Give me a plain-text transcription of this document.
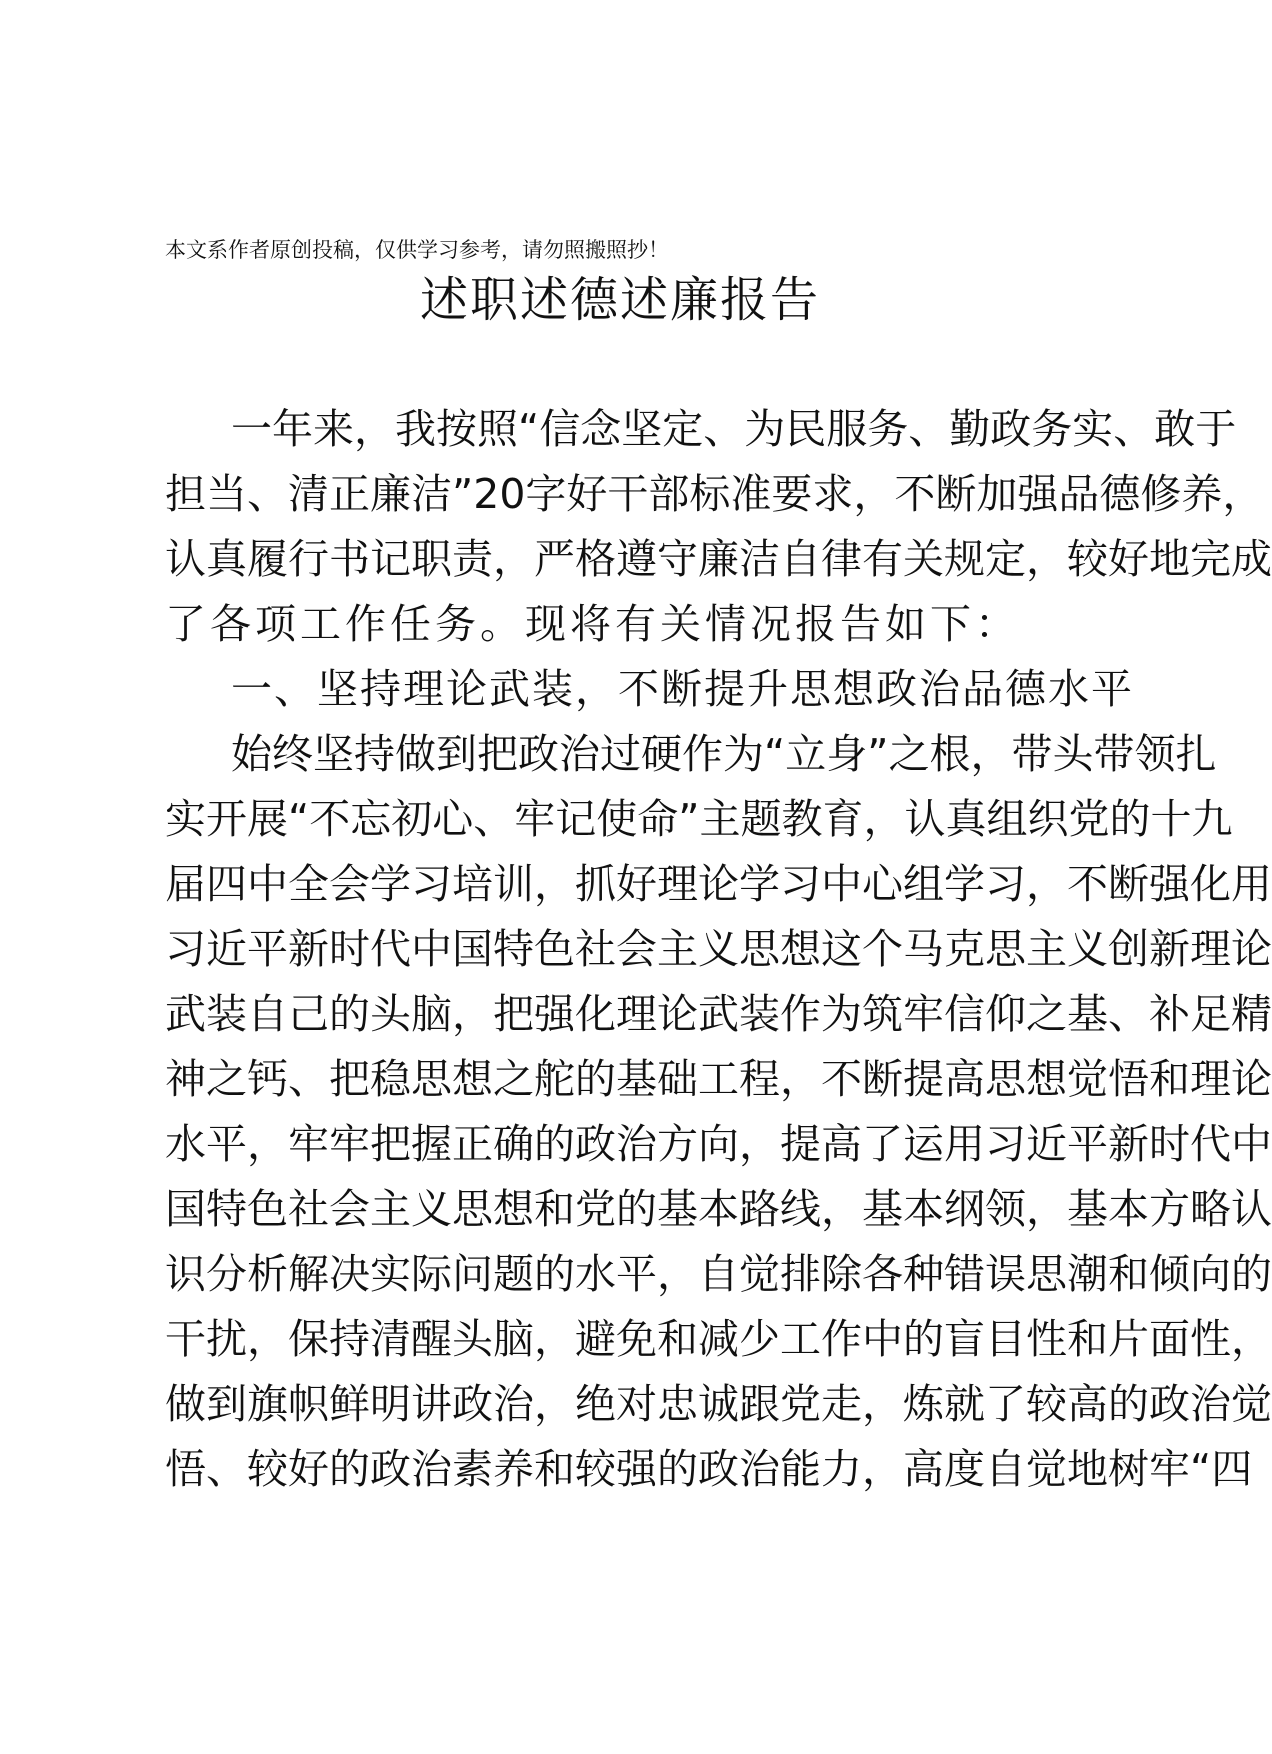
本文系作者原创投稿，仅供学习参考，请勿照搬照抄！
述职述德述廉报告
一年来，我按照“信念坚定、为民服务、勤政务实、敢于
担当、清正廉洁”20字好干部标准要求，不断加强品德修养，
认真履行书记职责，严格遵守廉洁自律有关规定，较好地完成
了各项工作任务。现将有关情况报告如下：
一、坚持理论武装，不断提升思想政治品德水平
始终坚持做到把政治过硬作为“立身”之根，带头带领扎
实开展“不忘初心、牢记使命”主题教育，认真组织党的十九
届四中全会学习培训，抓好理论学习中心组学习，不断强化用
习近平新时代中国特色社会主义思想这个马克思主义创新理论
武装自己的头脑，把强化理论武装作为筑牢信仰之基、补足精
神之钙、把稳思想之舵的基础工程，不断提高思想觉悟和理论
水平，牢牢把握正确的政治方向，提高了运用习近平新时代中
国特色社会主义思想和党的基本路线，基本纲领，基本方略认
识分析解决实际问题的水平，自觉排除各种错误思潮和倾向的
干扰，保持清醒头脑，避免和减少工作中的盲目性和片面性，
做到旗帜鲜明讲政治，绝对忠诚跟党走，炼就了较高的政治觉
悟、较好的政治素养和较强的政治能力，高度自觉地树牢“四
